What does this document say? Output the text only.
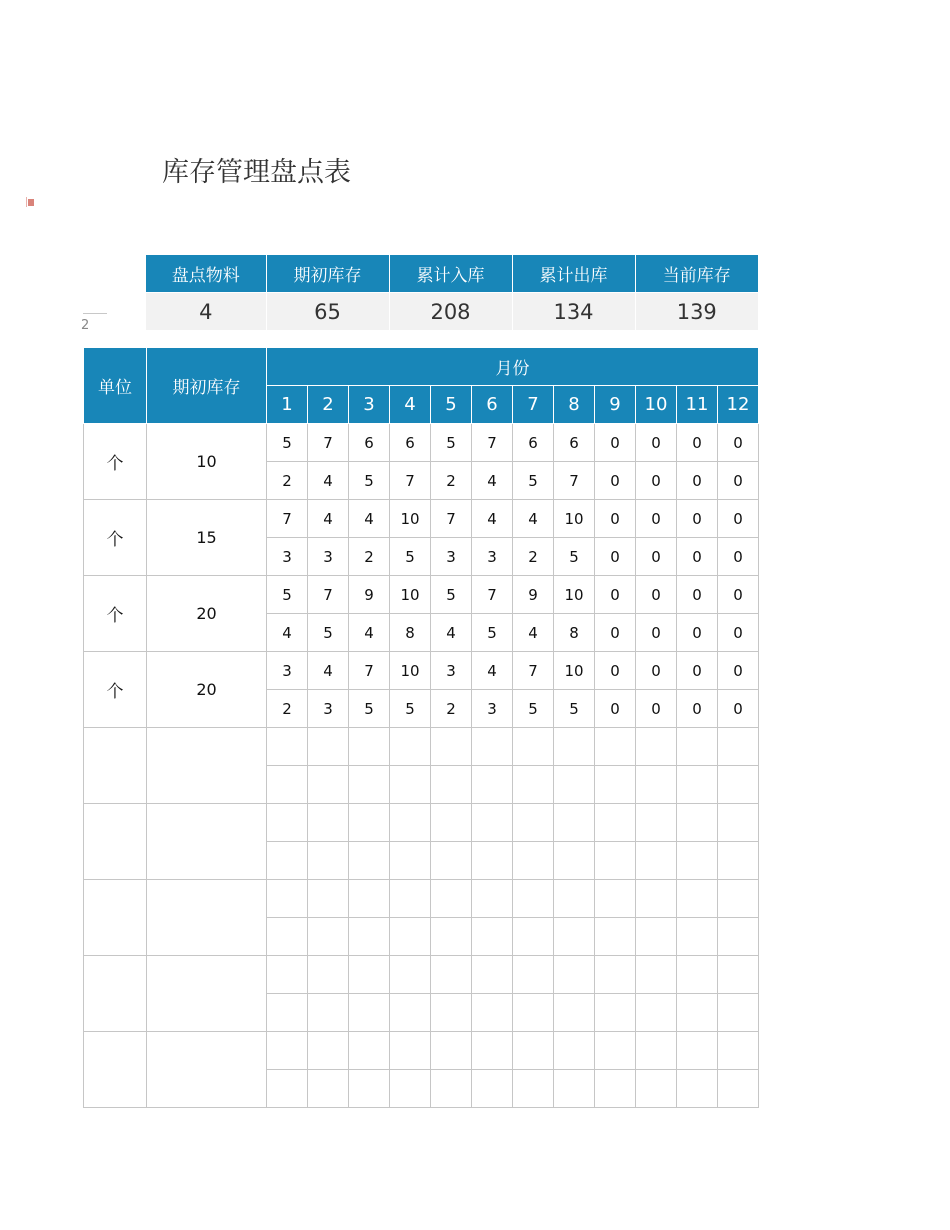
库存管理盘点表
2
盘点物料	期初库存	累计入库	累计出库	当前库存
4	65	208	134	139
单位	期初库存	月份											
		1	2	3	4	5	6	7	8	9	10	11	12
个	10	5	7	6	6	5	7	6	6	0	0	0	0
		2	4	5	7	2	4	5	7	0	0	0	0
个	15	7	4	4	10	7	4	4	10	0	0	0	0
		3	3	2	5	3	3	2	5	0	0	0	0
个	20	5	7	9	10	5	7	9	10	0	0	0	0
		4	5	4	8	4	5	4	8	0	0	0	0
个	20	3	4	7	10	3	4	7	10	0	0	0	0
		2	3	5	5	2	3	5	5	0	0	0	0
